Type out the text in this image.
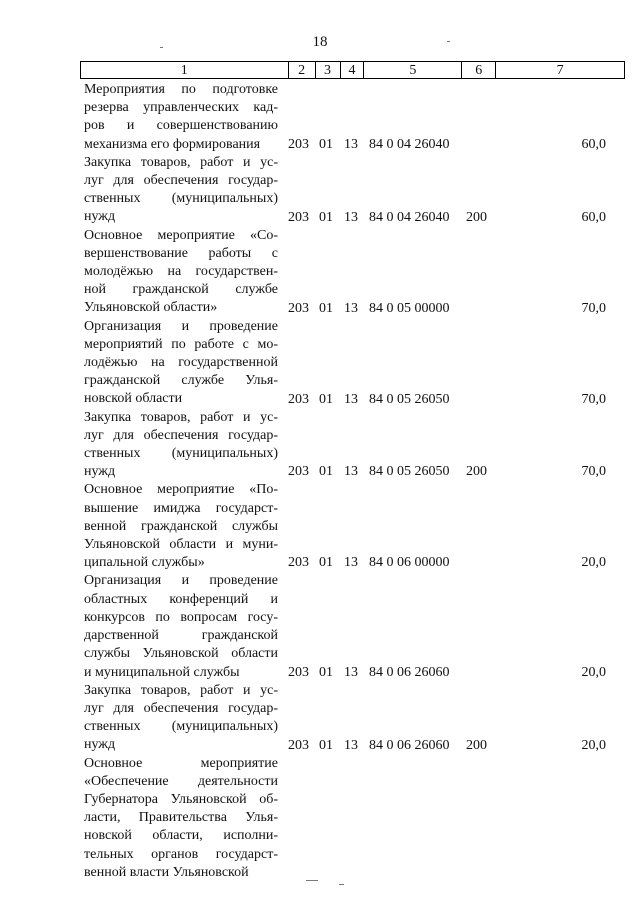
18
1	2	3	4	5	6	7
Мероприятия по подготовке
резерва управленческих кад-
ров и совершенствованию
механизма его формирования	203 01 13 84 0 04 26040	60,0
Закупка товаров, работ и ус-
луг для обеспечения государ-
ственных (муниципальных)
нужд	203 01 13 84 0 04 26040 200	60,0
Основное мероприятие «Со-
вершенствование работы с
молодёжью на государствен-
ной гражданской службе
Ульяновской области»	203 01 13 84 0 05 00000	70,0
Организация и проведение
мероприятий по работе с мо-
лодёжью на государственной
гражданской службе Улья-
новской области	203 01 13 84 0 05 26050	70,0
Закупка товаров, работ и ус-
луг для обеспечения государ-
ственных (муниципальных)
нужд	203 01 13 84 0 05 26050 200	70,0
Основное мероприятие «По-
вышение имиджа государст-
венной гражданской службы
Ульяновской области и муни-
ципальной службы»	203 01 13 84 0 06 00000	20,0
Организация и проведение
областных конференций и
конкурсов по вопросам госу-
дарственной гражданской
службы Ульяновской области
и муниципальной службы	203 01 13 84 0 06 26060	20,0
Закупка товаров, работ и ус-
луг для обеспечения государ-
ственных (муниципальных)
нужд	203 01 13 84 0 06 26060 200	20,0
Основное мероприятие
«Обеспечение деятельности
Губернатора Ульяновской об-
ласти, Правительства Улья-
новской области, исполни-
тельных органов государст-
венной власти Ульяновской
